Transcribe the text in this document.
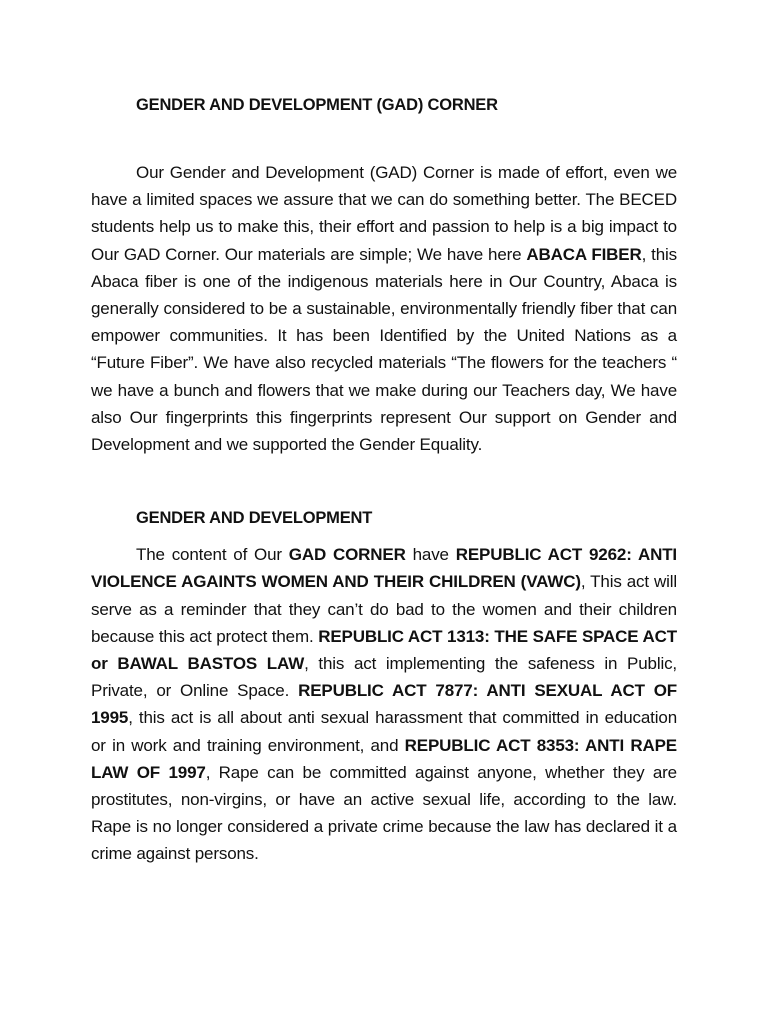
GENDER AND DEVELOPMENT (GAD) CORNER

Our Gender and Development (GAD) Corner is made of effort, even we have a limited spaces we assure that we can do something better. The BECED students help us to make this, their effort and passion to help is a big impact to Our GAD Corner. Our materials are simple; We have here ABACA FIBER, this Abaca fiber is one of the indigenous materials here in Our Country, Abaca is generally considered to be a sustainable, environmentally friendly fiber that can empower communities. It has been Identified by the United Nations as a “Future Fiber”. We have also recycled materials “The flowers for the teachers “ we have a bunch and flowers that we make during our Teachers day, We have also Our fingerprints this fingerprints represent Our support on Gender and Development and we supported the Gender Equality.

GENDER AND DEVELOPMENT

The content of Our GAD CORNER have REPUBLIC ACT 9262: ANTI VIOLENCE AGAINTS WOMEN AND THEIR CHILDREN (VAWC), This act will serve as a reminder that they can’t do bad to the women and their children because this act protect them. REPUBLIC ACT 1313: THE SAFE SPACE ACT or BAWAL BASTOS LAW, this act implementing the safeness in Public, Private, or Online Space. REPUBLIC ACT 7877: ANTI SEXUAL ACT OF 1995, this act is all about anti sexual harassment that committed in education or in work and training environment, and REPUBLIC ACT 8353: ANTI RAPE LAW OF 1997, Rape can be committed against anyone, whether they are prostitutes, non-virgins, or have an active sexual life, according to the law. Rape is no longer considered a private crime because the law has declared it a crime against persons.
